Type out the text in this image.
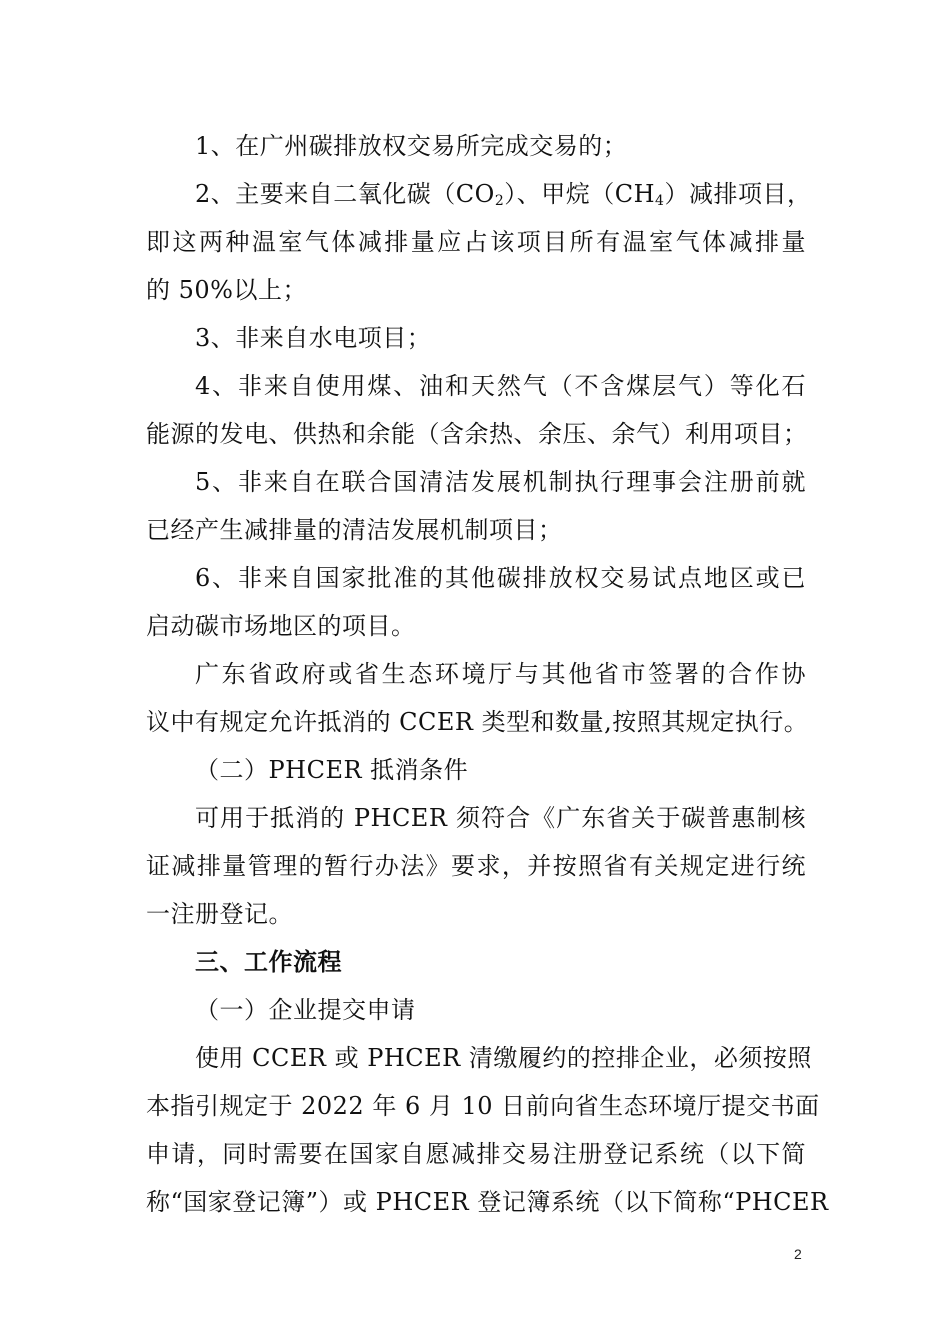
1、在广州碳排放权交易所完成交易的；
2、主要来自二氧化碳$(CO_2)$、甲烷$(CH_4)$减排项目，
即这两种温室气体减排量应占该项目所有温室气体减排量
的 50%以上；
3、非来自水电项目；
4、非来自使用煤、油和天然气（不含煤层气）等化石
能源的发电、供热和余能（含余热、余压、余气）利用项目；
5、非来自在联合国清洁发展机制执行理事会注册前就
已经产生减排量的清洁发展机制项目；
6、非来自国家批准的其他碳排放权交易试点地区或已
启动碳市场地区的项目。
广东省政府或省生态环境厅与其他省市签署的合作协
议中有规定允许抵消的 CCER 类型和数量,按照其规定执行。
（二）PHCER 抵消条件
可用于抵消的 PHCER 须符合《广东省关于碳普惠制核
证减排量管理的暂行办法》要求，并按照省有关规定进行统
一注册登记。
三、工作流程
（一）企业提交申请
使用 CCER 或 PHCER 清缴履约的控排企业，必须按照
本指引规定于 2022 年 6 月 10 日前向省生态环境厅提交书面
申请，同时需要在国家自愿减排交易注册登记系统（以下简
称“国家登记簿”）或 PHCER 登记簿系统（以下简称“PHCER
2
